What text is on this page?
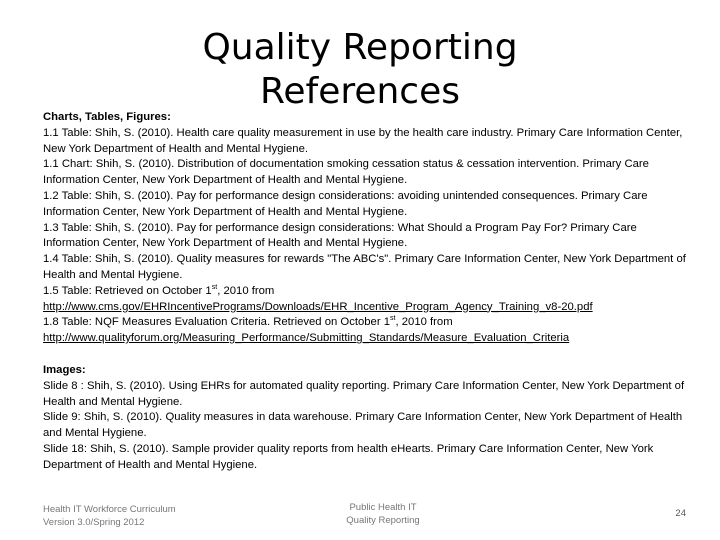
Quality Reporting
References

Charts, Tables, Figures:

1.1 Table: Shih, S. (2010). Health care quality measurement in use by the health care industry. Primary Care Information Center, New York Department of Health and Mental Hygiene.

1.1 Chart: Shih, S. (2010). Distribution of documentation smoking cessation status & cessation intervention. Primary Care Information Center, New York Department of Health and Mental Hygiene.

1.2 Table: Shih, S. (2010). Pay for performance design considerations: avoiding unintended consequences. Primary Care Information Center, New York Department of Health and Mental Hygiene.

1.3 Table: Shih, S. (2010). Pay for performance design considerations: What Should a Program Pay For? Primary Care Information Center, New York Department of Health and Mental Hygiene.

1.4 Table: Shih, S. (2010). Quality measures for rewards "The ABC's". Primary Care Information Center, New York Department of Health and Mental Hygiene.

1.5 Table: Retrieved on October 1st, 2010 from
http://www.cms.gov/EHRIncentivePrograms/Downloads/EHR_Incentive_Program_Agency_Training_v8-20.pdf

1.8 Table: NQF Measures Evaluation Criteria. Retrieved on October 1st, 2010 from
http://www.qualityforum.org/Measuring_Performance/Submitting_Standards/Measure_Evaluation_Criteria

Images:

Slide 8 : Shih, S. (2010). Using EHRs for automated quality reporting. Primary Care Information Center, New York Department of Health and Mental Hygiene.

Slide 9: Shih, S. (2010). Quality measures in data warehouse. Primary Care Information Center, New York Department of Health and Mental Hygiene.

Slide 18: Shih, S. (2010). Sample provider quality reports from health eHearts. Primary Care Information Center, New York Department of Health and Mental Hygiene.

Health IT Workforce Curriculum
Version 3.0/Spring 2012
Public Health IT
Quality Reporting
24
